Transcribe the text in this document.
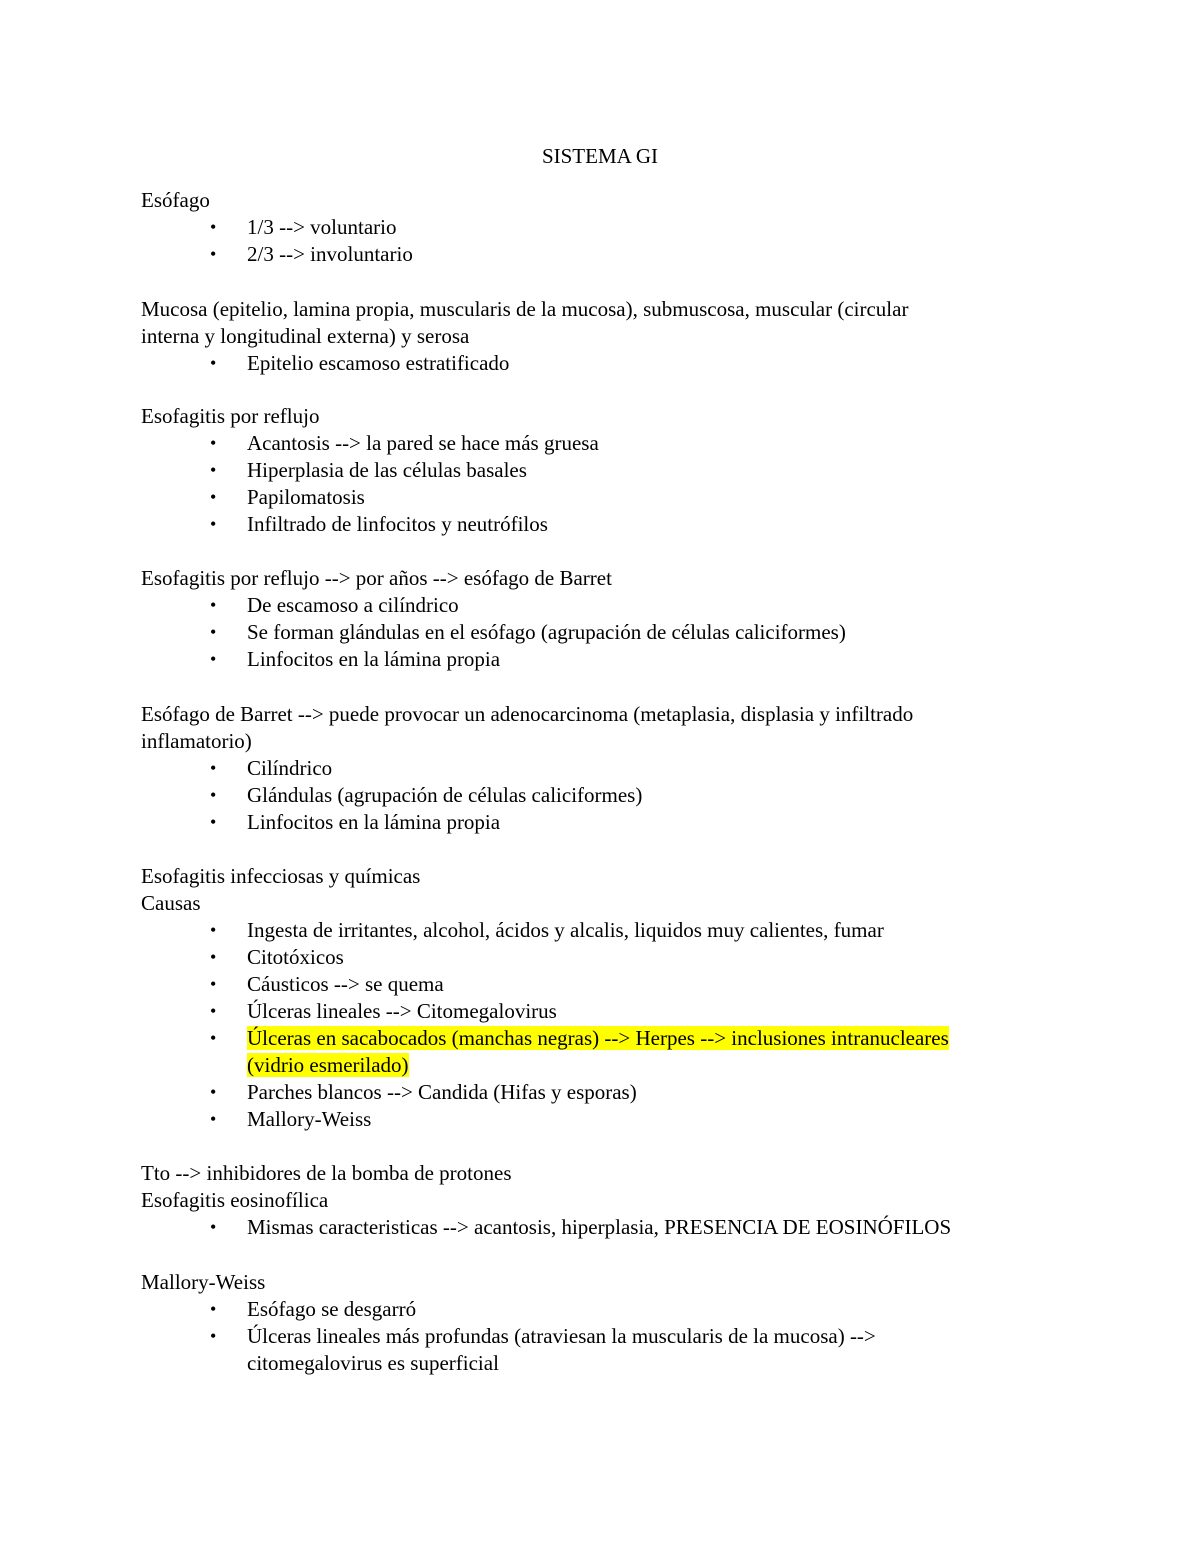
SISTEMA GI
Esófago
• 1/3 --> voluntario
• 2/3 --> involuntario
Mucosa (epitelio, lamina propia, muscularis de la mucosa), submuscosa, muscular (circular
interna y longitudinal externa) y serosa
• Epitelio escamoso estratificado
Esofagitis por reflujo
• Acantosis --> la pared se hace más gruesa
• Hiperplasia de las células basales
• Papilomatosis
• Infiltrado de linfocitos y neutrófilos
Esofagitis por reflujo --> por años --> esófago de Barret
• De escamoso a cilíndrico
• Se forman glándulas en el esófago (agrupación de células caliciformes)
• Linfocitos en la lámina propia
Esófago de Barret --> puede provocar un adenocarcinoma (metaplasia, displasia y infiltrado
inflamatorio)
• Cilíndrico
• Glándulas (agrupación de células caliciformes)
• Linfocitos en la lámina propia
Esofagitis infecciosas y químicas
Causas
• Ingesta de irritantes, alcohol, ácidos y alcalis, liquidos muy calientes, fumar
• Citotóxicos
• Cáusticos --> se quema
• Úlceras lineales --> Citomegalovirus
• Úlceras en sacabocados (manchas negras) --> Herpes --> inclusiones intranucleares
(vidrio esmerilado)
• Parches blancos --> Candida (Hifas y esporas)
• Mallory-Weiss
Tto --> inhibidores de la bomba de protones
Esofagitis eosinofílica
• Mismas caracteristicas --> acantosis, hiperplasia, PRESENCIA DE EOSINÓFILOS
Mallory-Weiss
• Esófago se desgarró
• Úlceras lineales más profundas (atraviesan la muscularis de la mucosa) -->
citomegalovirus es superficial
